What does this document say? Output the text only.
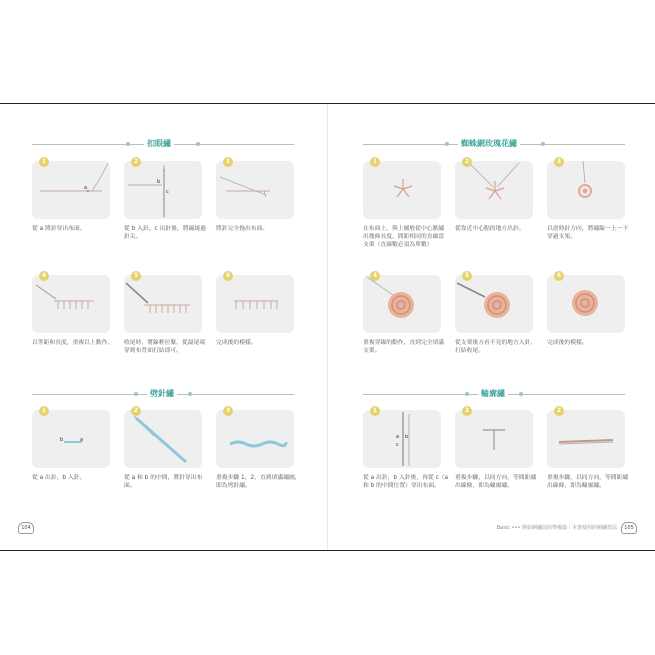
扣眼繡	蜘蛛網玫瑰花繡
劈針繡	輪廓繡
a
1
從 a 將針穿出布面。
b
c
2
從 b 入針、c 出針後，將線繞過針尖。
3
將針完全拖出布面。
4
以等距和長度，重複以上動作。
5
收尾時，將線輕拉緊，從最尾端穿到布背面打結即可。
6
完成後的模樣。
1
在布面上，與上圖般從中心點繡出幾條長度、間距相同的直線當支架（直線數必須為單數）
2
從靠近中心點的地方出針。
3
以逆時針方向，將繡線一上一下穿過支架。
4
重複穿線的動作，直到完全填滿支架。
5
從支架後方看不見的地方入針，打結收尾。
6
完成後的模樣。
b	a
1
從 a 出針，b 入針。
2
從 a 和 b 的中間，將針穿出布面。
3
重複步驟 1，2，直到填滿繡圖，即為劈針繡。
a b
c
1
從 a 出針，b 入針後，再從 c（a 和 b 的中間位置）穿出布面。
2
重複步驟，以同方向，等間距繡出線條，即為輪廓繡。
2
重複步驟，以同方向，等間距繡出線條，即為輪廓繡。
104	Basic ••• 開始刺繡前的準備篇｜本書使用的刺繡技法	105
